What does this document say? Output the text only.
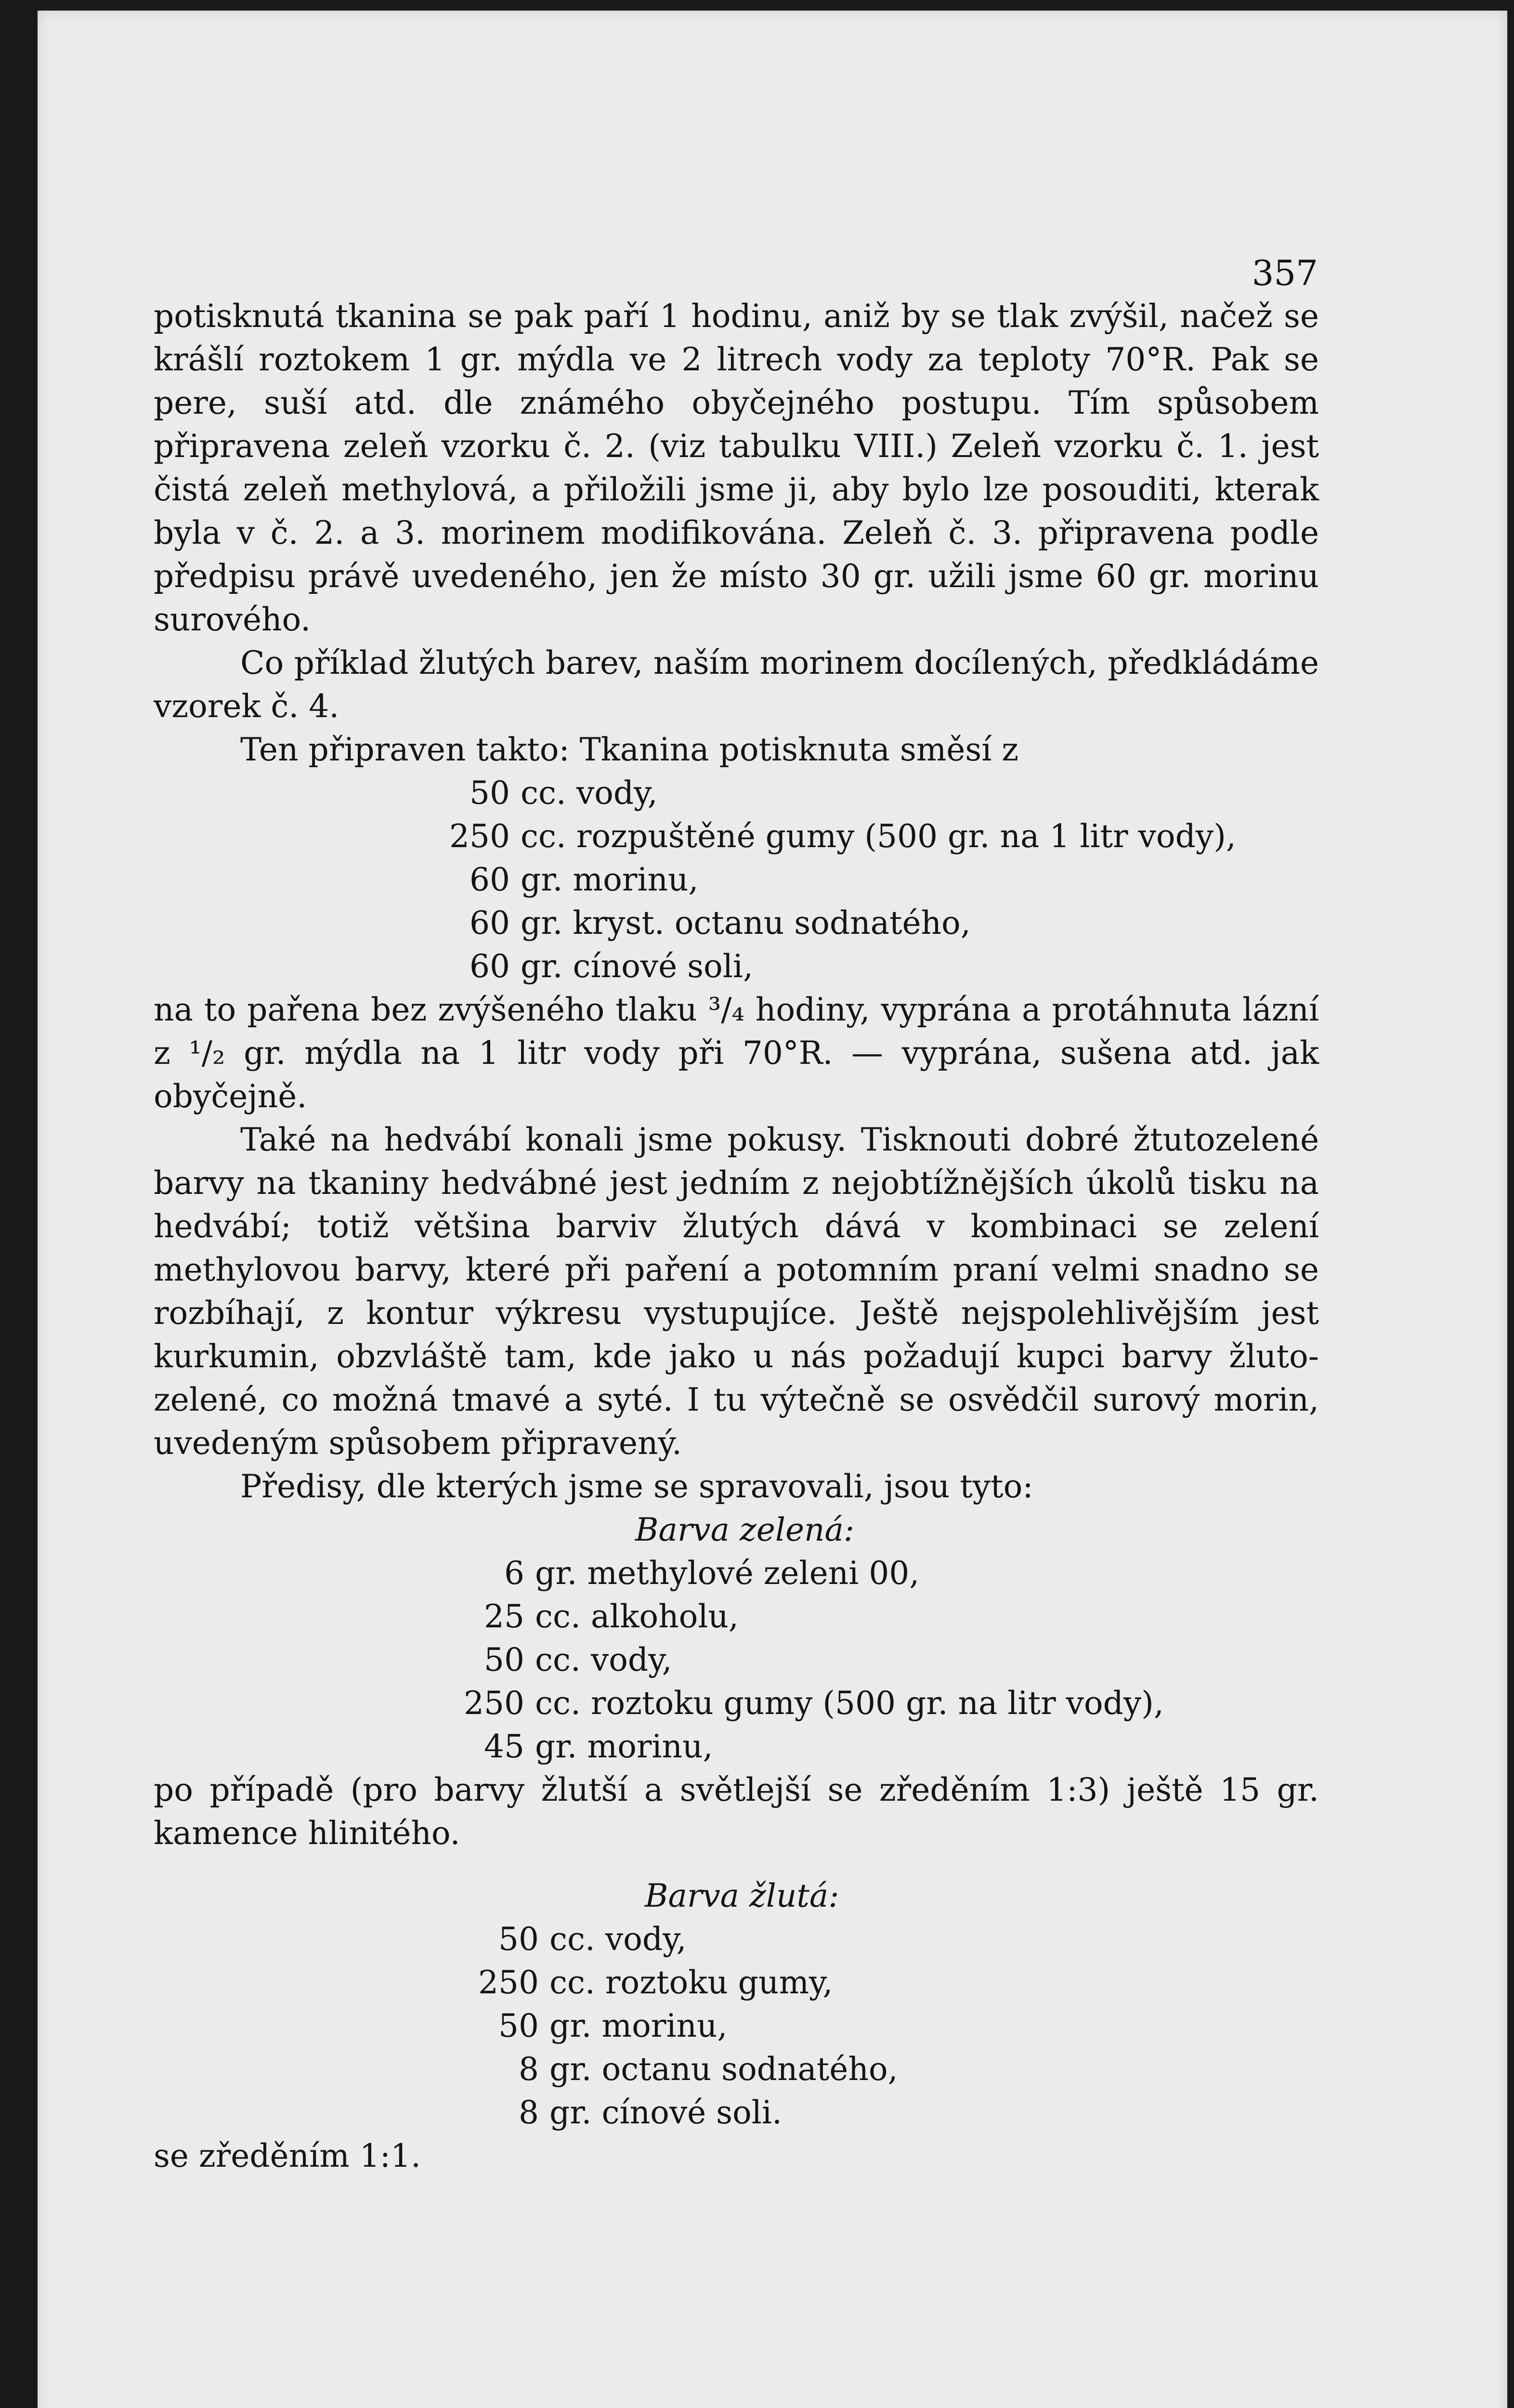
357

potisknutá tkanina se pak paří 1 hodinu, aniž by se tlak zvýšil, načež se krášlí roztokem 1 gr. mýdla ve 2 litrech vody za teploty 70°R. Pak se pere, suší atd. dle známého obyčejného postupu. Tím spůsobem připravena zeleň vzorku č. 2. (viz tabulku VIII.) Zeleň vzorku č. 1. jest čistá zeleň methylová, a přiložili jsme ji, aby bylo lze posouditi, kterak byla v č. 2. a 3. morinem modifikována. Zeleň č. 3. připravena podle předpisu právě uvedeného, jen že místo 30 gr. užili jsme 60 gr. morinu surového.

Co příklad žlutých barev, naším morinem docílených, předkládáme vzorek č. 4.

Ten připraven takto: Tkanina potisknuta směsí z

50 cc. vody,
250 cc. rozpuštěné gumy (500 gr. na 1 litr vody),
60 gr. morinu,
60 gr. kryst. octanu sodnatého,
60 gr. cínové soli,

na to pařena bez zvýšeného tlaku ³/₄ hodiny, vyprána a protáhnuta lázní z ¹/₂ gr. mýdla na 1 litr vody při 70°R. — vyprána, sušena atd. jak obyčejně.

Také na hedvábí konali jsme pokusy. Tisknouti dobré žtutozelené barvy na tkaniny hedvábné jest jedním z nejobtížnějších úkolů tisku na hedvábí; totiž většina barviv žlutých dává v kombinaci se zelení methylovou barvy, které při paření a potomním praní velmi snadno se rozbíhají, z kontur výkresu vystupujíce. Ještě nejspolehlivějším jest kurkumin, obzvláště tam, kde jako u nás požadují kupci barvy žluto-zelené, co možná tmavé a syté. I tu výtečně se osvědčil surový morin, uvedeným spůsobem připravený.

Předisy, dle kterých jsme se spravovali, jsou tyto:

Barva zelená:
6 gr. methylové zeleni 00,
25 cc. alkoholu,
50 cc. vody,
250 cc. roztoku gumy (500 gr. na litr vody),
45 gr. morinu,

po případě (pro barvy žlutší a světlejší se zředěním 1:3) ještě 15 gr. kamence hlinitého.

Barva žlutá:
50 cc. vody,
250 cc. roztoku gumy,
50 gr. morinu,
8 gr. octanu sodnatého,
8 gr. cínové soli.

se zředěním 1:1.
